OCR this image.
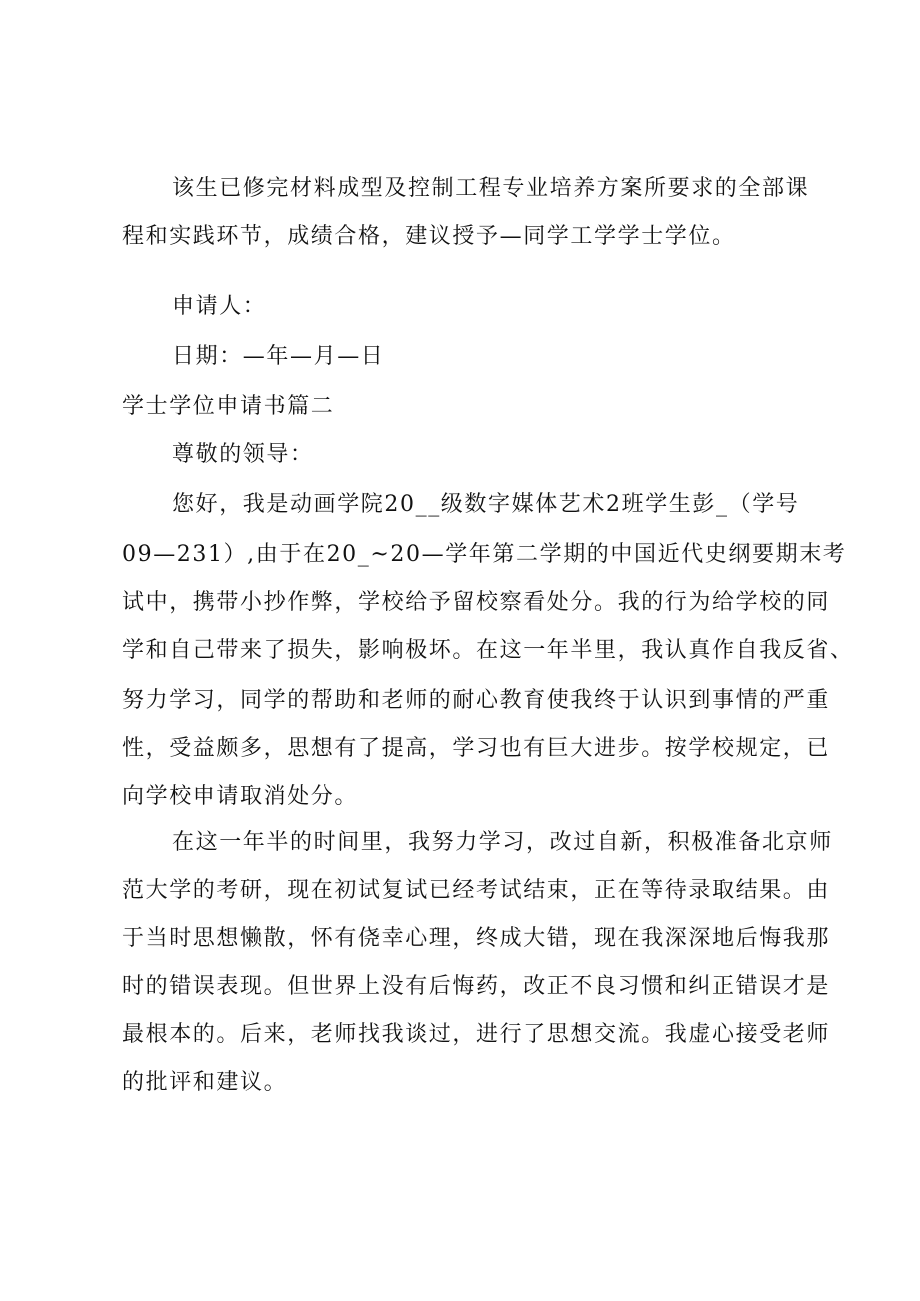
该生已修完材料成型及控制工程专业培养方案所要求的全部课
程和实践环节，成绩合格，建议授予—同学工学学士学位。
申请人：
日期：—年—月—日
学士学位申请书篇二
尊敬的领导：
您好，我是动画学院20__级数字媒体艺术2班学生彭_（学号
09—231）,由于在20_~20—学年第二学期的中国近代史纲要期末考
试中，携带小抄作弊，学校给予留校察看处分。我的行为给学校的同
学和自己带来了损失，影响极坏。在这一年半里，我认真作自我反省、
努力学习，同学的帮助和老师的耐心教育使我终于认识到事情的严重
性，受益颇多，思想有了提高，学习也有巨大进步。按学校规定，已
向学校申请取消处分。
在这一年半的时间里，我努力学习，改过自新，积极准备北京师
范大学的考研，现在初试复试已经考试结束，正在等待录取结果。由
于当时思想懒散，怀有侥幸心理，终成大错，现在我深深地后悔我那
时的错误表现。但世界上没有后悔药，改正不良习惯和纠正错误才是
最根本的。后来，老师找我谈过，进行了思想交流。我虚心接受老师
的批评和建议。
